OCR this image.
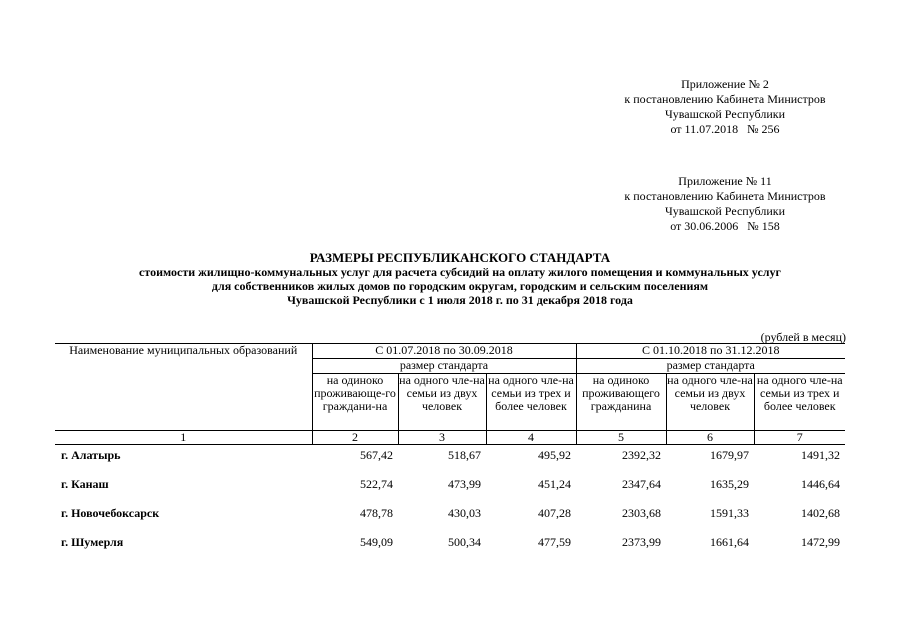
Приложение № 2
к постановлению Кабинета Министров
Чувашской Республики
от 11.07.2018   № 256
Приложение № 11
к постановлению Кабинета Министров
Чувашской Республики
от 30.06.2006   № 158
РАЗМЕРЫ РЕСПУБЛИКАНСКОГО СТАНДАРТА
стоимости жилищно-коммунальных услуг для расчета субсидий на оплату жилого помещения и коммунальных услуг
для собственников жилых домов по городским округам, городским и сельским поселениям
Чувашской Республики с 1 июля 2018 г. по 31 декабря 2018 года
(рублей в месяц)
Наименование муниципальных образований	С 01.07.2018 по 30.09.2018			С 01.10.2018 по 31.12.2018		
	размер стандарта			размер стандарта		
	на одиноко проживающе-го граждани-на	на одного чле-на семьи из двух человек	на одного чле-на семьи из трех и более человек	на одиноко проживающего гражданина	на одного чле-на семьи из двух человек	на одного чле-на семьи из трех и более человек
1	2	3	4	5	6	7
г. Алатырь	567,42	518,67	495,92	2392,32	1679,97	1491,32
г. Канаш	522,74	473,99	451,24	2347,64	1635,29	1446,64
г. Новочебоксарск	478,78	430,03	407,28	2303,68	1591,33	1402,68
г. Шумерля	549,09	500,34	477,59	2373,99	1661,64	1472,99
